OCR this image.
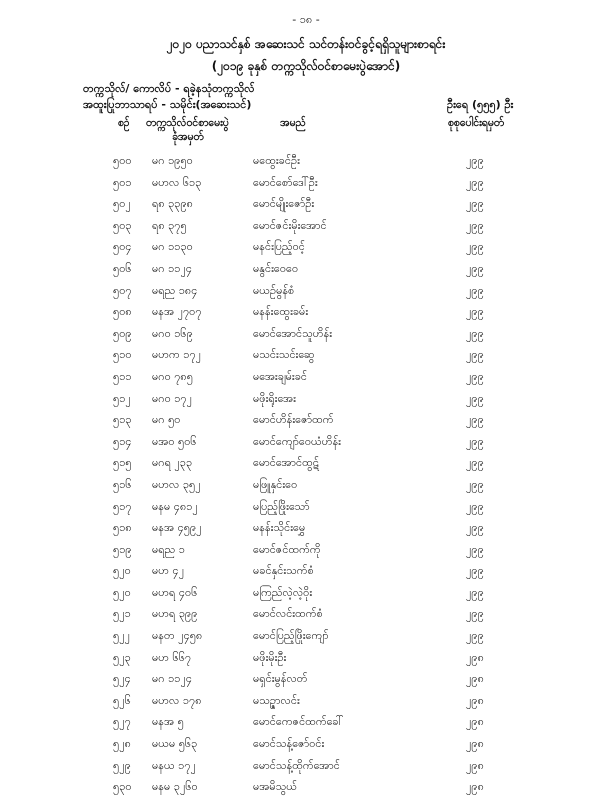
- ၁၈ -
၂၀၂၀ ပညာသင်နှစ် အဆေးသင် သင်တန်းဝင်ခွင့်ရရှိသူများစာရင်း
(၂၀၁၉ ခုနှစ် တက္ကသိုလ်ဝင်စာမေးပွဲအောင်)
တက္ကသိုလ်/ ကောလိပ် - ရခဲ့နသုံတက္ကသိုလ်
အထူးပြုဘာသာရပ် - သမိုင်း(အဆေးသင်)	ဦးရေ (၅၅၅) ဦး
စဉ် တက္ကသိုလ်ဝင်စာမေးပွဲ
ခုံအမှတ်
အမည်	စုစုပေါင်းရမှတ်
၅၀၀ မဂ ၁၉၅၀	မထွေးခင်ဦး	၂၉၉
၅၀၁ မဟလ ၆၁၃	မောင်စော်ဒေါ်ဦး	၂၉၉
၅၀၂ ရ၈ ၃၃၉၈	မောင်မျိုးဇော်ဦး	၂၉၉
၅၀၃ ရ၈ ၃၇၅	မောင်ဇင်းမိုးအောင်	၂၉၉
၅၀၄ မဂ ၁၁၃၀	မနင်းပြည့်ဝင့်	၂၉၉
၅၀၆ မဂ ၁၁၂၄	မနွင်းဝေဝေ	၂၉၉
၅၀၇ မရည ၁၈၄	မယဉ်မွန်စံ	၂၉၉
၅၀၈ မနအ ၂၇၀၇	မနန်းထွေးခမ်း	၂၉၉
၅၀၉ မဂဝ ၁၆၉	မောင်အောင်သူဟိန်း	၂၉၉
၅၁၀ မဟက ၁၇၂	မသင်းသင်းဆွေ	၂၉၉
၅၁၁ မဂဝ ၇၈၅	မအေးချမ်းခင်	၂၉၉
၅၁၂ မဂဝ ၁၇၂	မဖိုးရိုးအေး	၂၉၉
၅၁၃ မဂ ၅၀	မောင်ဟိန်းဇော်ထက်	၂၉၉
၅၁၄ မအဝ ၅၀၆	မောင်ကျော်ဝေယံဟိန်း	၂၉၉
၅၁၅ မဂရ ၂၃၃	မောင်အောင်ထွဋ်	၂၉၉
၅၁၆ မဟလ ၃၅၂	မဖြူနှင်းဝေ	၂၉၉
၅၁၇ မနမ ၄၈၁၂	မပြည့်ဖြိုးသော်	၂၉၉
၅၁၈ မနအ ၄၅၉၂	မနန်းသိုင်းမွှေ	၂၉၉
၅၁၉ မရည ၁	မောင်ဇင်ထက်ကို	၂၉၉
၅၂၀ မဟ ၄၂	မခင်နှင်းသက်စံ	၂၉၉
၅၂၀ မဟရ ၄၀၆	မကြည်လဲ့လဲ့ဝိုး	၂၉၉
၅၂၁ မဟရ ၃၉၉	မောင်လင်းထက်စံ	၂၉၉
၅၂၂ မနတ ၂၄၅၈	မောင်ပြည့်ဖြိုးကျော်	၂၉၉
၅၂၃ မဟ ၆၆၇	မဖိုးမိုးဦး	၂၉၈
၅၂၄ မဂ ၁၁၂၄	မရှင်းမွန်လတ်	၂၉၈
၅၂၆ မဟလ ၁၇၈	မသဉ္ဇာလင်း	၂၉၈
၅၂၇ မနအ ၅	မောင်ကေဇင်ထက်ခေါ်	၂၉၈
၅၂၈ မယမ ၅၆၃	မောင်သန့်ဇော်ဝင်း	၂၉၈
၅၂၉ မနယ ၁၇၂	မောင်သန့်ထိုက်အောင်	၂၉၈
၅၃၀ မနမ ၃၂၆၀	မအမိသွယ်	၂၉၈
